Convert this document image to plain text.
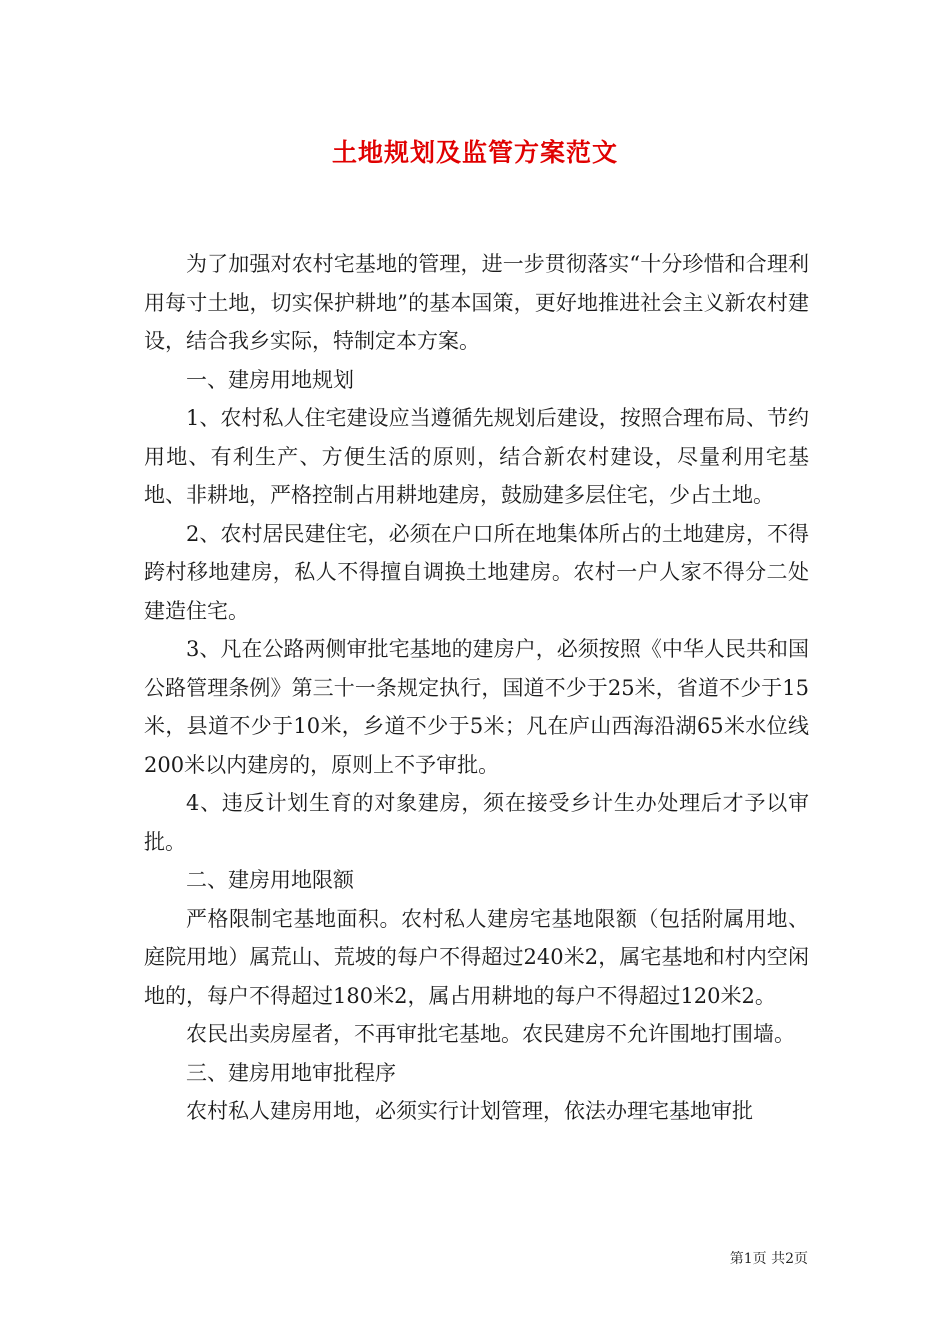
土地规划及监管方案范文

为了加强对农村宅基地的管理，进一步贯彻落实“十分珍惜和合理利用每寸土地，切实保护耕地”的基本国策，更好地推进社会主义新农村建设，结合我乡实际，特制定本方案。

一、建房用地规划

1、农村私人住宅建设应当遵循先规划后建设，按照合理布局、节约用地、有利生产、方便生活的原则，结合新农村建设，尽量利用宅基地、非耕地，严格控制占用耕地建房，鼓励建多层住宅，少占土地。

2、农村居民建住宅，必须在户口所在地集体所占的土地建房，不得跨村移地建房，私人不得擅自调换土地建房。农村一户人家不得分二处建造住宅。

3、凡在公路两侧审批宅基地的建房户，必须按照《中华人民共和国公路管理条例》第三十一条规定执行，国道不少于25米，省道不少于15米，县道不少于10米，乡道不少于5米；凡在庐山西海沿湖65米水位线200米以内建房的，原则上不予审批。

4、违反计划生育的对象建房，须在接受乡计生办处理后才予以审批。

二、建房用地限额

严格限制宅基地面积。农村私人建房宅基地限额（包括附属用地、庭院用地）属荒山、荒坡的每户不得超过240米2，属宅基地和村内空闲地的，每户不得超过180米2，属占用耕地的每户不得超过120米2。

农民出卖房屋者，不再审批宅基地。农民建房不允许围地打围墙。

三、建房用地审批程序

农村私人建房用地，必须实行计划管理，依法办理宅基地审批

第1页 共2页
